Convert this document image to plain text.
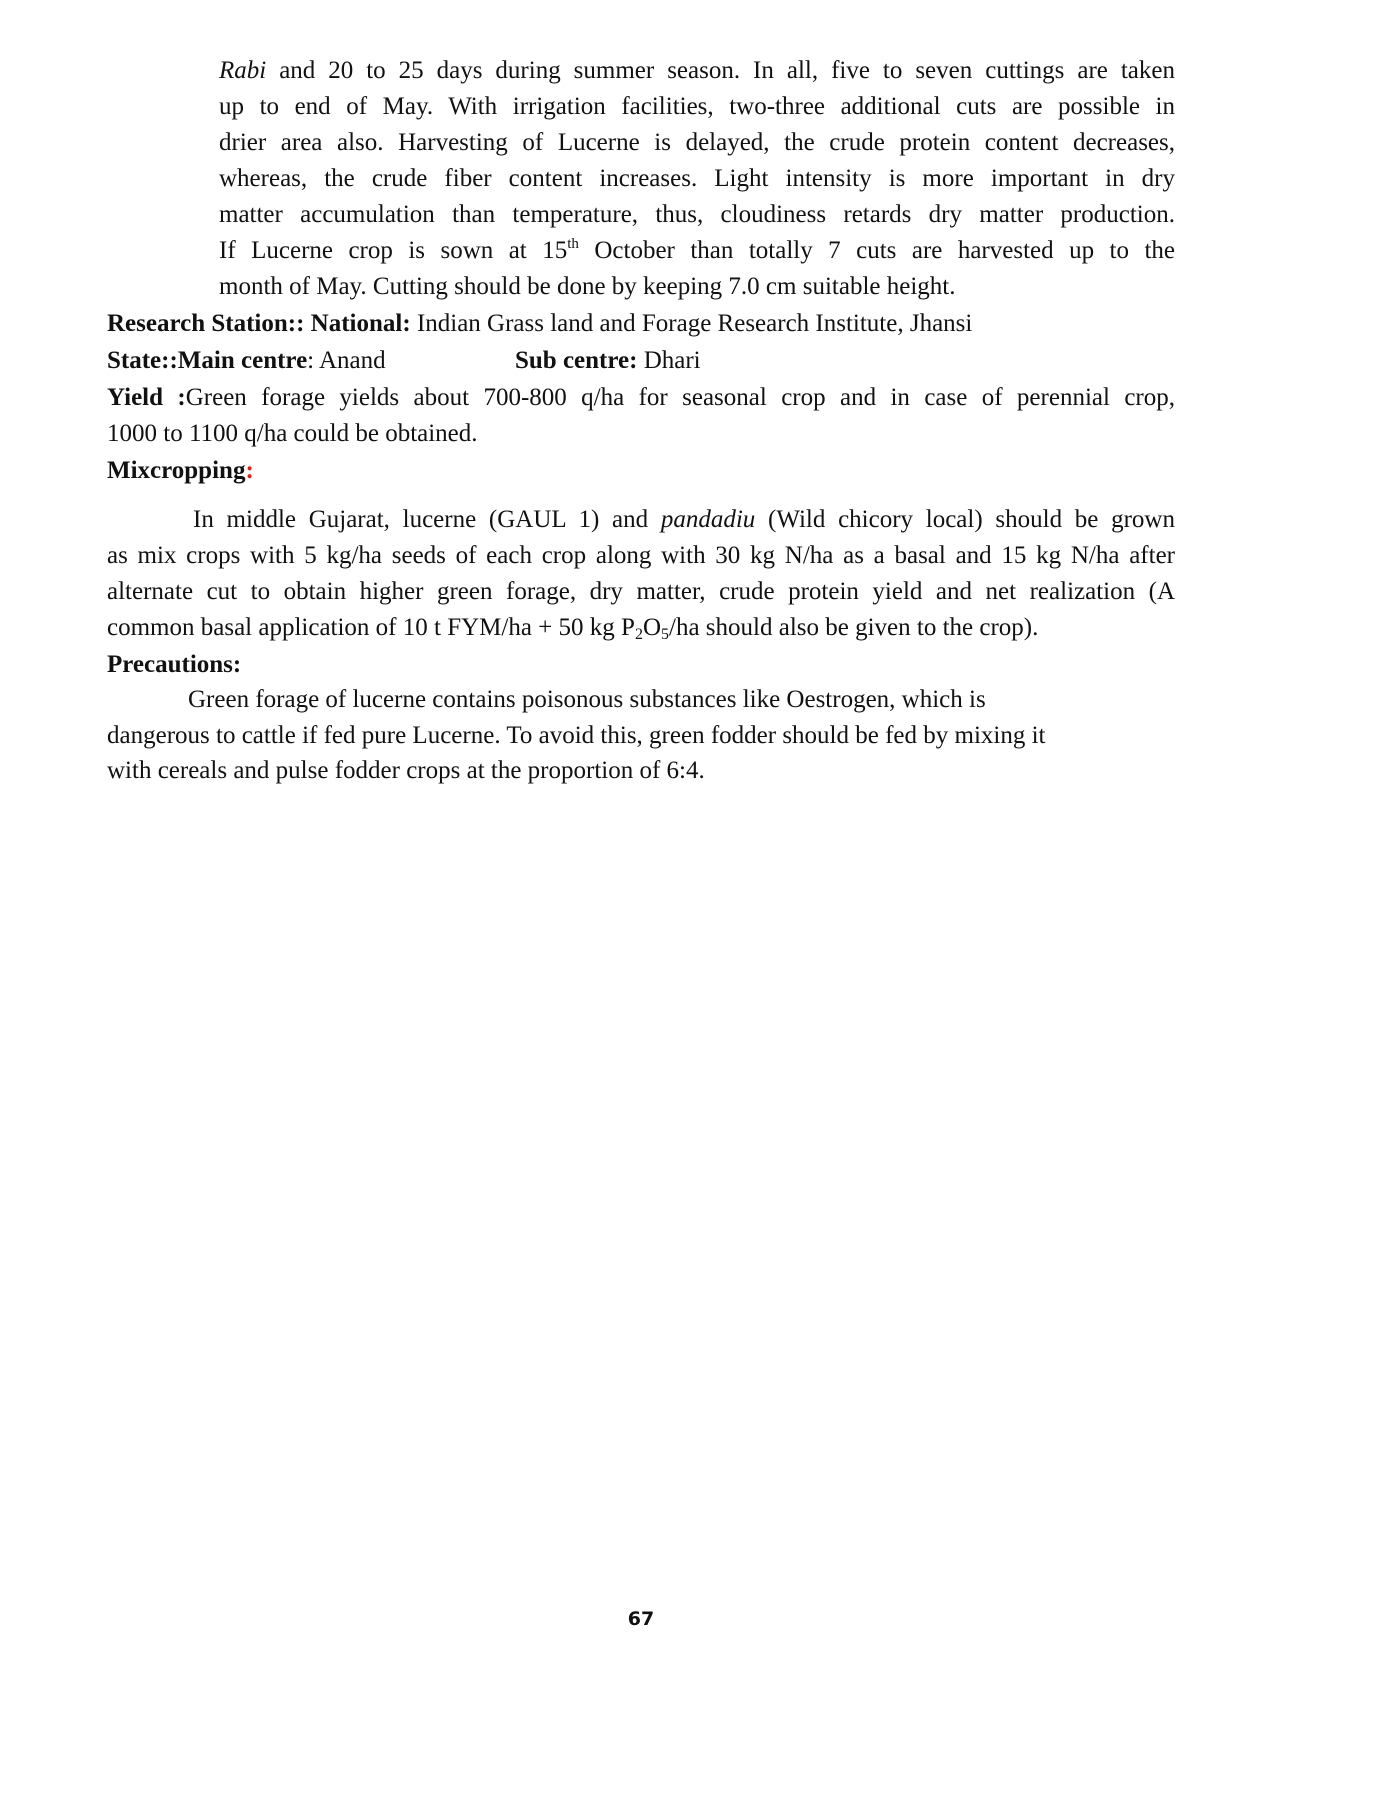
Rabi and 20 to 25 days during summer season. In all, five to seven cuttings are taken
up to end of May. With irrigation facilities, two-three additional cuts are possible in
drier area also. Harvesting of Lucerne is delayed, the crude protein content decreases,
whereas, the crude fiber content increases. Light intensity is more important in dry
matter accumulation than temperature, thus, cloudiness retards dry matter production.
If Lucerne crop is sown at 15th October than totally 7 cuts are harvested up to the
month of May. Cutting should be done by keeping 7.0 cm suitable height.
Research Station:: National: Indian Grass land and Forage Research Institute, Jhansi
State::Main centre: Anand	Sub centre: Dhari
Yield :Green forage yields about 700-800 q/ha for seasonal crop and in case of perennial crop,
1000 to 1100 q/ha could be obtained.
Mixcropping:
In middle Gujarat, lucerne (GAUL 1) and pandadiu (Wild chicory local) should be grown
as mix crops with 5 kg/ha seeds of each crop along with 30 kg N/ha as a basal and 15 kg N/ha after
alternate cut to obtain higher green forage, dry matter, crude protein yield and net realization (A
common basal application of 10 t FYM/ha + 50 kg $P_2O_5/ha$ should also be given to the crop).
Precautions:
Green forage of lucerne contains poisonous substances like Oestrogen, which is
dangerous to cattle if fed pure Lucerne. To avoid this, green fodder should be fed by mixing it
with cereals and pulse fodder crops at the proportion of 6:4.
67
